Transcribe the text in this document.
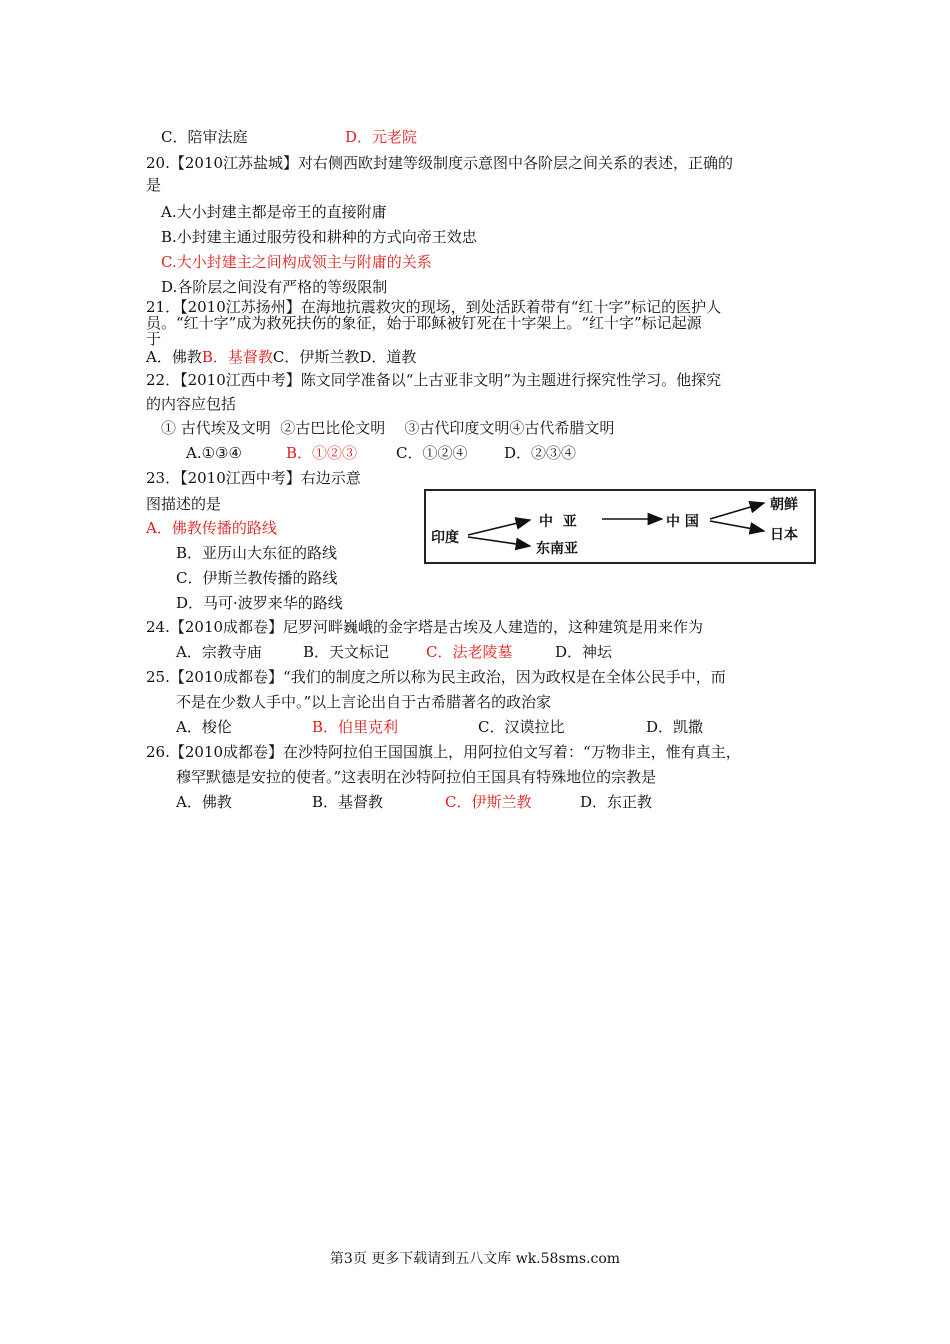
C．陪审法庭	D．元老院
20.【2010江苏盐城】对右侧西欧封建等级制度示意图中各阶层之间关系的表述，正确的
是
A.大小封建主都是帝王的直接附庸
B.小封建主通过服劳役和耕种的方式向帝王效忠
C.大小封建主之间构成领主与附庸的关系
D.各阶层之间没有严格的等级限制
21．【2010江苏扬州】在海地抗震救灾的现场，到处活跃着带有“红十字”标记的医护人
员。“红十字”成为救死扶伤的象征，始于耶稣被钉死在十字架上。“红十字”标记起源
于
A．佛教B．基督教C．伊斯兰教D．道教
22．【2010江西中考】陈文同学准备以“上古亚非文明”为主题进行探究性学习。他探究
的内容应包括
① 古代埃及文明  ②古巴比伦文明    ③古代印度文明④古代希腊文明
A.①③④	B．①②③	C．①②④ D．②③④
23．【2010江西中考】右边示意
图描述的是
A．佛教传播的路线
B．亚历山大东征的路线
C．伊斯兰教传播的路线
D．马可·波罗来华的路线
印度
中  亚
东南亚
中 国
朝鲜
日本
24.【2010成都卷】尼罗河畔巍峨的金字塔是古埃及人建造的，这种建筑是用来作为
A．宗教寺庙	B．天文标记 C．法老陵墓	D．神坛
25.【2010成都卷】“我们的制度之所以称为民主政治，因为政权是在全体公民手中，而
不是在少数人手中。”以上言论出自于古希腊著名的政治家
A．梭伦	B．伯里克利	C．汉谟拉比	D．凯撒
26.【2010成都卷】在沙特阿拉伯王国国旗上，用阿拉伯文写着：“万物非主，惟有真主，
穆罕默德是安拉的使者。”这表明在沙特阿拉伯王国具有特殊地位的宗教是
A．佛教	B．基督教	C．伊斯兰教	D．东正教
第3页 更多下载请到五八文库 wk.58sms.com
